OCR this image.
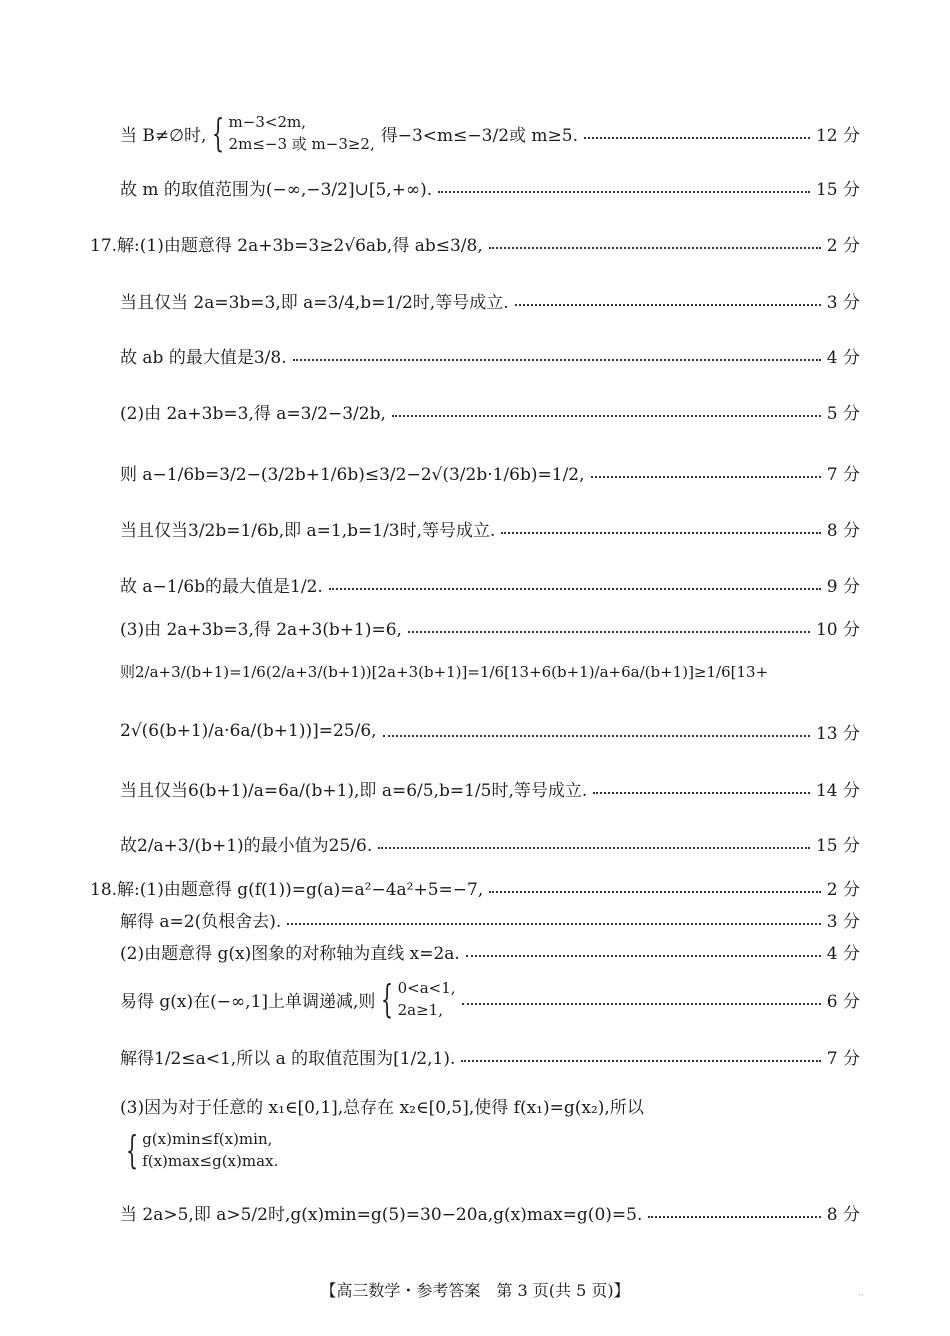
当 B≠∅时, { m−3<2m,
2m≤−3 或 m−3≥2, 得−3<m≤−3/2或 m≥5.	12 分
故 m 的取值范围为(−∞,−3/2]∪[5,+∞).	15 分
17.解:(1)由题意得 2a+3b=3≥2√6ab,得 ab≤3/8,	2 分
当且仅当 2a=3b=3,即 a=3/4,b=1/2时,等号成立.	3 分
故 ab 的最大值是3/8.	4 分
(2)由 2a+3b=3,得 a=3/2−3/2b,	5 分
则 a−1/6b=3/2−(3/2b+1/6b)≤3/2−2√(3/2b·1/6b)=1/2,	7 分
当且仅当3/2b=1/6b,即 a=1,b=1/3时,等号成立.	8 分
故 a−1/6b的最大值是1/2.	9 分
(3)由 2a+3b=3,得 2a+3(b+1)=6,	10 分
则2/a+3/(b+1)=1/6(2/a+3/(b+1))[2a+3(b+1)]=1/6[13+6(b+1)/a+6a/(b+1)]≥1/6[13+
2√(6(b+1)/a·6a/(b+1))]=25/6,	13 分
当且仅当6(b+1)/a=6a/(b+1),即 a=6/5,b=1/5时,等号成立.	14 分
故2/a+3/(b+1)的最小值为25/6.	15 分
18.解:(1)由题意得 g(f(1))=g(a)=a²−4a²+5=−7,	2 分
解得 a=2(负根舍去).	3 分
(2)由题意得 g(x)图象的对称轴为直线 x=2a.	4 分
易得 g(x)在(−∞,1]上单调递减,则 { 0<a<1,
2a≥1,	6 分
解得1/2≤a<1,所以 a 的取值范围为[1/2,1).	7 分
(3)因为对于任意的 x₁∈[0,1],总存在 x₂∈[0,5],使得 f(x₁)=g(x₂),所以
{ g(x)min≤f(x)min,
f(x)max≤g(x)max.
当 2a>5,即 a>5/2时,g(x)min=g(5)=30−20a,g(x)max=g(0)=5.	8 分
【高三数学・参考答案　第 3 页(共 5 页)】	··
